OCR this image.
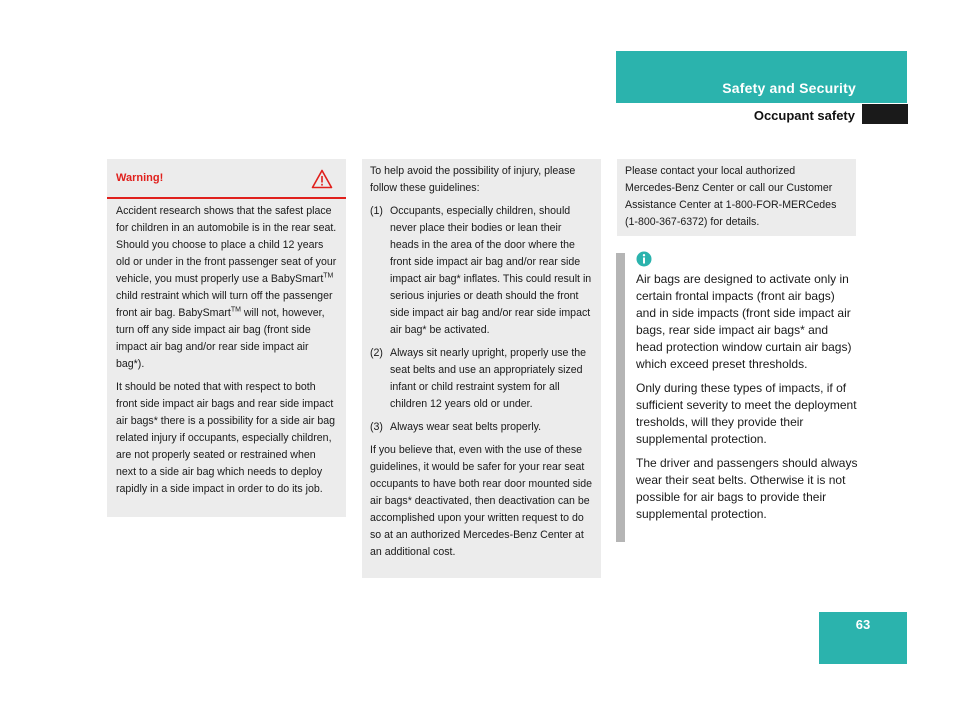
Safety and Security
Occupant safety
Warning!

Accident research shows that the safest place for children in an automobile is in the rear seat. Should you choose to place a child 12 years old or under in the front passenger seat of your vehicle, you must properly use a BabySmart™ child restraint which will turn off the passenger front air bag. BabySmart™ will not, however, turn off any side impact air bag (front side impact air bag and/or rear side impact air bag*).

It should be noted that with respect to both front side impact air bags and rear side impact air bags* there is a possibility for a side air bag related injury if occupants, especially children, are not properly seated or restrained when next to a side air bag which needs to deploy rapidly in a side impact in order to do its job.

To help avoid the possibility of injury, please follow these guidelines:

(1) Occupants, especially children, should never place their bodies or lean their heads in the area of the door where the front side impact air bag and/or rear side impact air bag* inflates. This could result in serious injuries or death should the front side impact air bag and/or rear side impact air bag* be activated.
(2) Always sit nearly upright, properly use the seat belts and use an appropriately sized infant or child restraint system for all children 12 years old or under.
(3) Always wear seat belts properly.

If you believe that, even with the use of these guidelines, it would be safer for your rear seat occupants to have both rear door mounted side air bags* deactivated, then deactivation can be accomplished upon your written request to do so at an authorized Mercedes-Benz Center at an additional cost.

Please contact your local authorized Mercedes-Benz Center or call our Customer Assistance Center at 1-800-FOR-MERCedes (1-800-367-6372) for details.

Air bags are designed to activate only in certain frontal impacts (front air bags) and in side impacts (front side impact air bags, rear side impact air bags* and head protection window curtain air bags) which exceed preset thresholds.

Only during these types of impacts, if of sufficient severity to meet the deployment tresholds, will they provide their supplemental protection.

The driver and passengers should always wear their seat belts. Otherwise it is not possible for air bags to provide their supplemental protection.

63
